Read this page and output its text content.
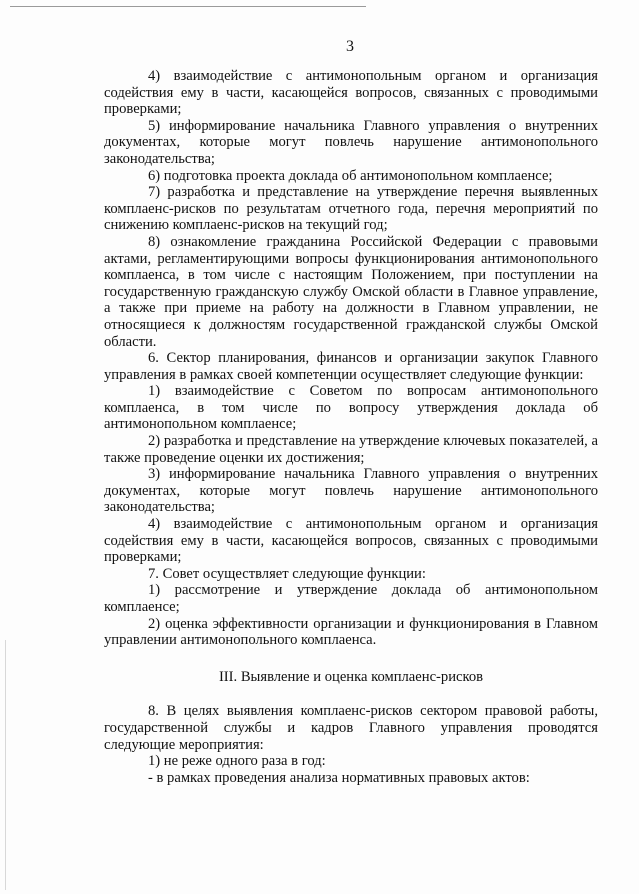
3

4) взаимодействие с антимонопольным органом и организация содействия ему в части, касающейся вопросов, связанных с проводимыми проверками;

5) информирование начальника Главного управления о внутренних документах, которые могут повлечь нарушение антимонопольного законодательства;

6) подготовка проекта доклада об антимонопольном комплаенсе;

7) разработка и представление на утверждение перечня выявленных комплаенс-рисков по результатам отчетного года, перечня мероприятий по снижению комплаенс-рисков на текущий год;

8) ознакомление гражданина Российской Федерации с правовыми актами, регламентирующими вопросы функционирования антимонопольного комплаенса, в том числе с настоящим Положением, при поступлении на государственную гражданскую службу Омской области в Главное управление, а также при приеме на работу на должности в Главном управлении, не относящиеся к должностям государственной гражданской службы Омской области.

6. Сектор планирования, финансов и организации закупок Главного управления в рамках своей компетенции осуществляет следующие функции:

1) взаимодействие с Советом по вопросам антимонопольного комплаенса, в том числе по вопросу утверждения доклада об антимонопольном комплаенсе;

2) разработка и представление на утверждение ключевых показателей, а также проведение оценки их достижения;

3) информирование начальника Главного управления о внутренних документах, которые могут повлечь нарушение антимонопольного законодательства;

4) взаимодействие с антимонопольным органом и организация содействия ему в части, касающейся вопросов, связанных с проводимыми проверками;

7. Совет осуществляет следующие функции:

1) рассмотрение и утверждение доклада об антимонопольном комплаенсе;

2) оценка эффективности организации и функционирования в Главном управлении антимонопольного комплаенса.

III. Выявление и оценка комплаенс-рисков

8. В целях выявления комплаенс-рисков сектором правовой работы, государственной службы и кадров Главного управления проводятся следующие мероприятия:

1) не реже одного раза в год:

- в рамках проведения анализа нормативных правовых актов:
